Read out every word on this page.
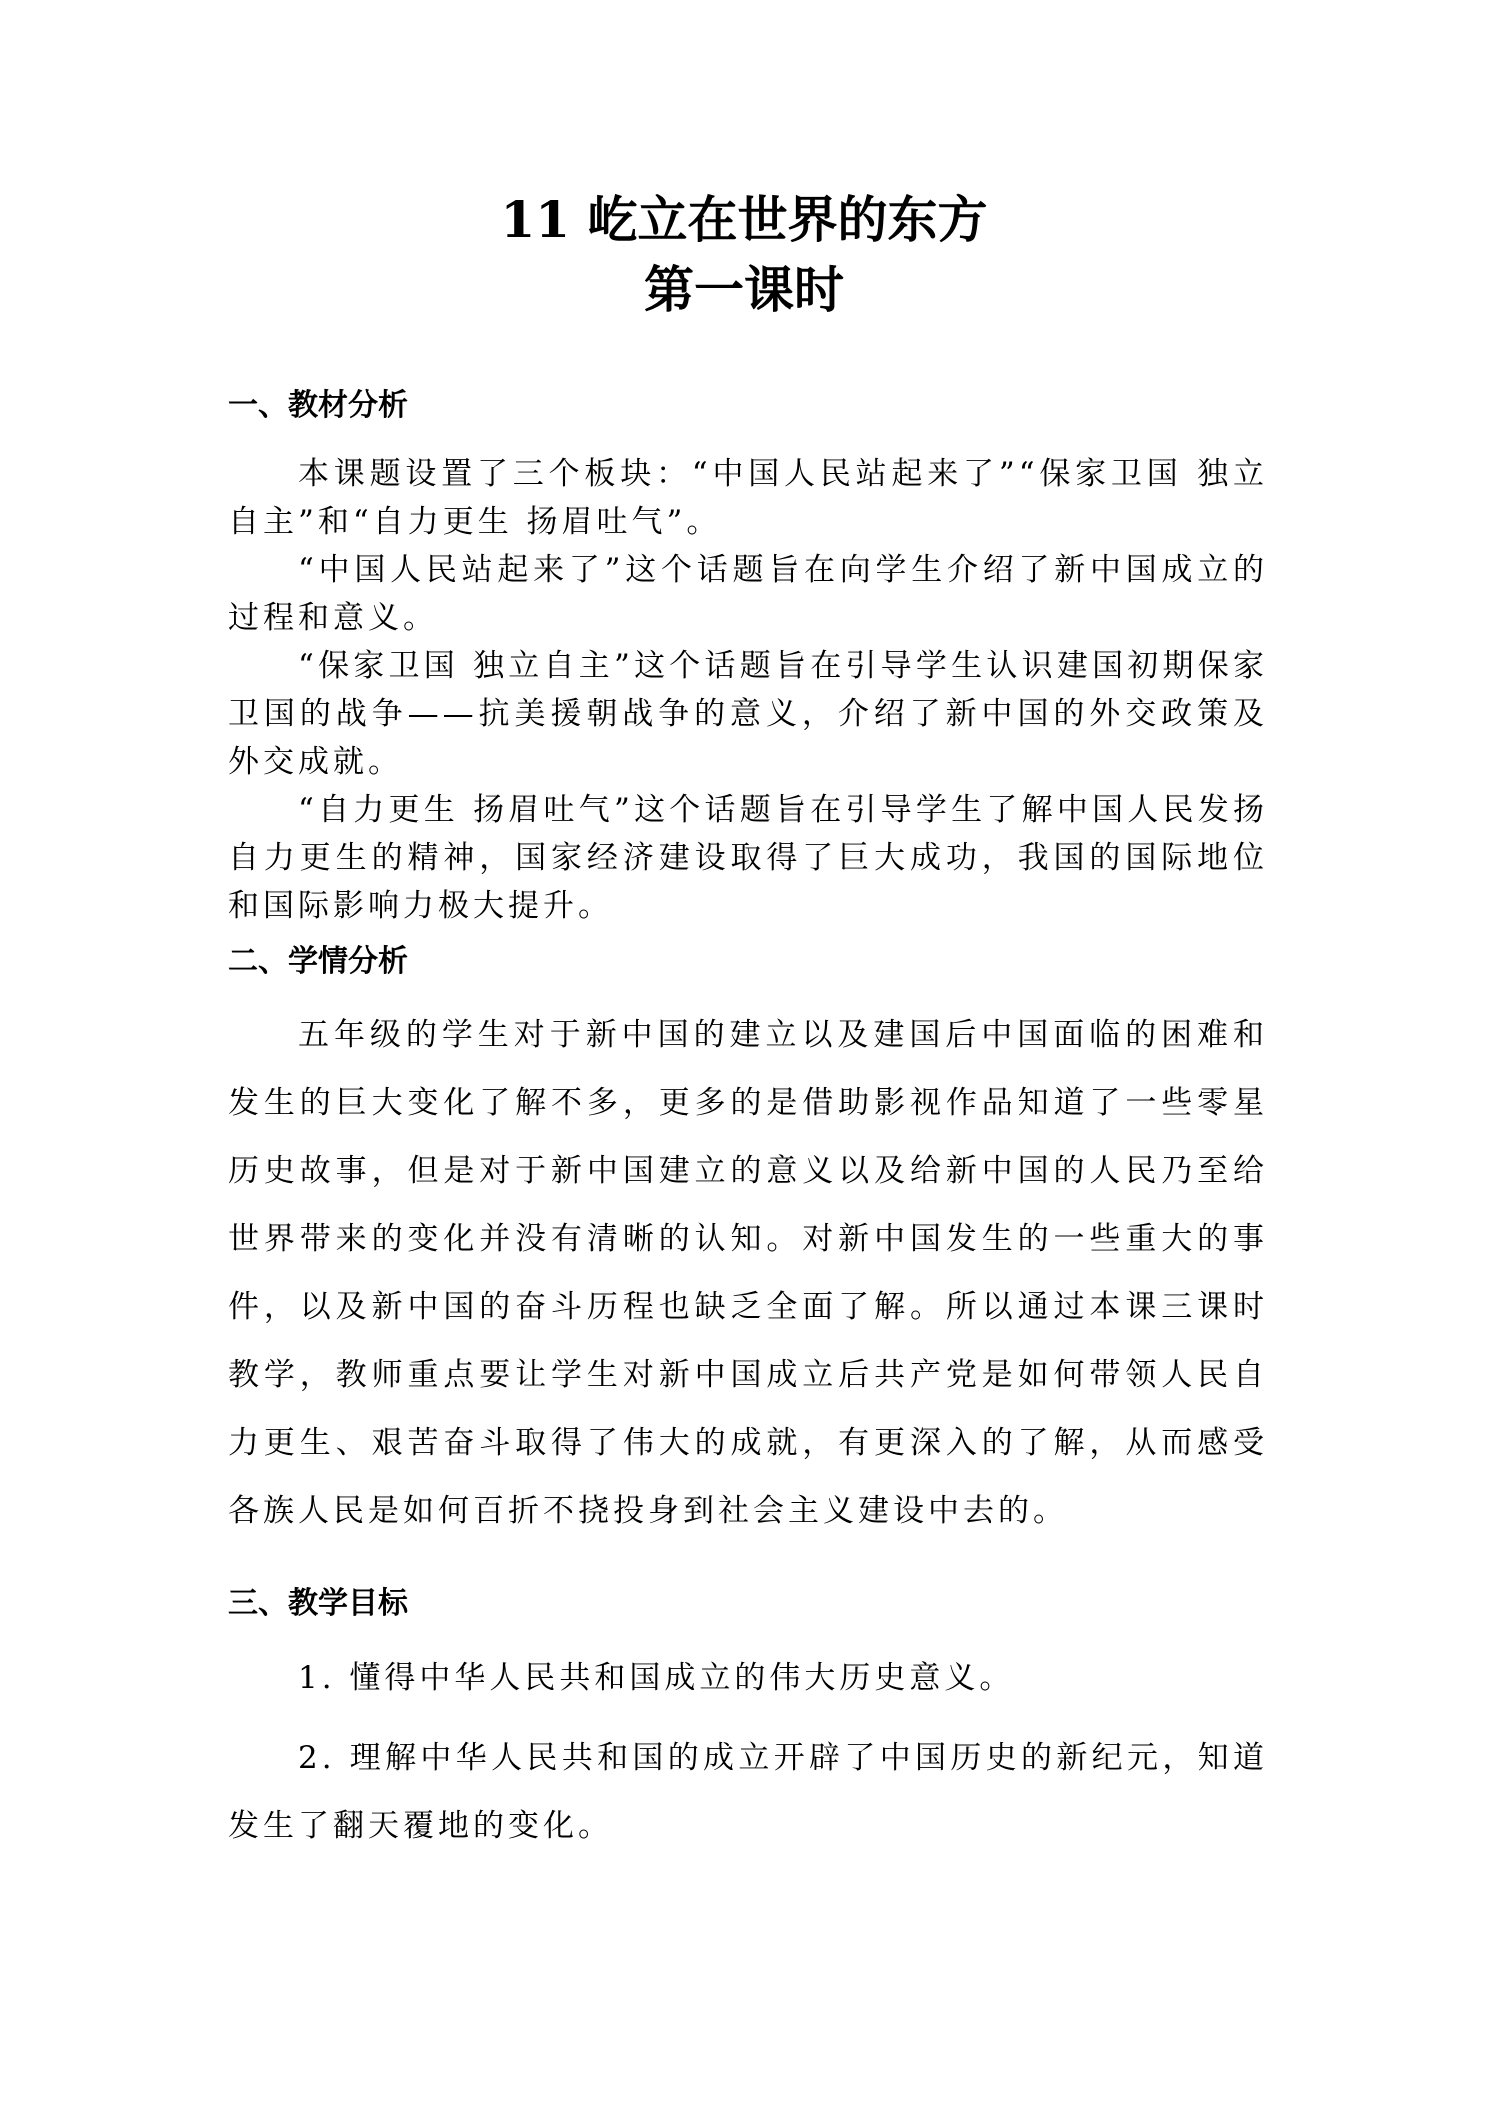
11 屹立在世界的东方
第一课时
一、教材分析

本课题设置了三个板块：“中国人民站起来了”“保家卫国 独立自主”和“自力更生 扬眉吐气”。

“中国人民站起来了”这个话题旨在向学生介绍了新中国成立的过程和意义。

“保家卫国 独立自主”这个话题旨在引导学生认识建国初期保家卫国的战争——抗美援朝战争的意义，介绍了新中国的外交政策及外交成就。

“自力更生 扬眉吐气”这个话题旨在引导学生了解中国人民发扬自力更生的精神，国家经济建设取得了巨大成功，我国的国际地位和国际影响力极大提升。

二、学情分析

五年级的学生对于新中国的建立以及建国后中国面临的困难和发生的巨大变化了解不多，更多的是借助影视作品知道了一些零星历史故事，但是对于新中国建立的意义以及给新中国的人民乃至给世界带来的变化并没有清晰的认知。对新中国发生的一些重大的事件，以及新中国的奋斗历程也缺乏全面了解。所以通过本课三课时教学，教师重点要让学生对新中国成立后共产党是如何带领人民自力更生、艰苦奋斗取得了伟大的成就，有更深入的了解，从而感受各族人民是如何百折不挠投身到社会主义建设中去的。

三、教学目标

1. 懂得中华人民共和国成立的伟大历史意义。

2. 理解中华人民共和国的成立开辟了中国历史的新纪元，知道发生了翻天覆地的变化。
